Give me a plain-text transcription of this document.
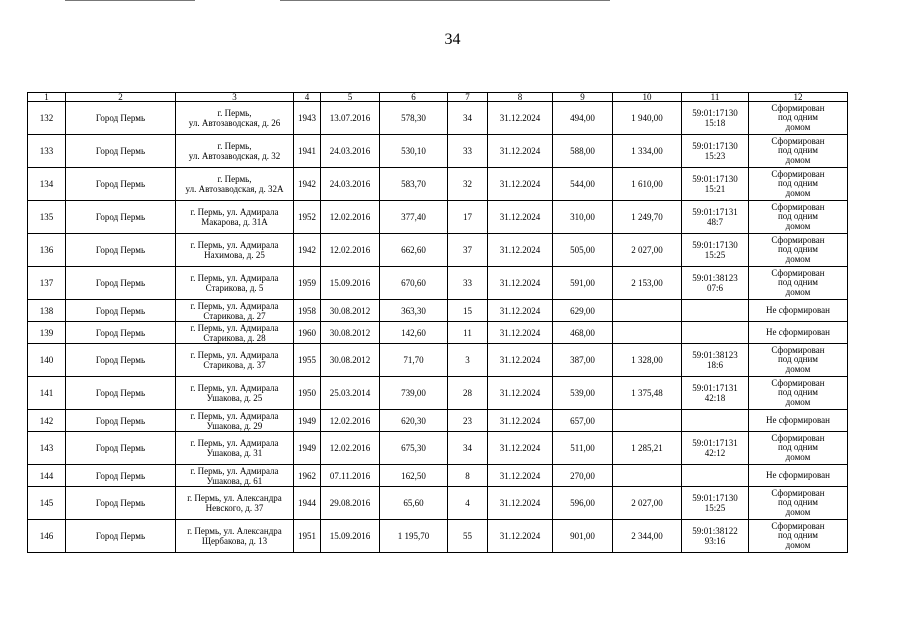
34
1	2	3	4	5	6	7	8	9	10	11	12
132	Город Пермь	г. Пермь,
ул. Автозаводская, д. 26	1943	13.07.2016	578,30	34	31.12.2024	494,00	1 940,00	59:01:17130
15:18	Сформирован
под одним
домом
133	Город Пермь	г. Пермь,
ул. Автозаводская, д. 32	1941	24.03.2016	530,10	33	31.12.2024	588,00	1 334,00	59:01:17130
15:23	Сформирован
под одним
домом
134	Город Пермь	г. Пермь,
ул. Автозаводская, д. 32А	1942	24.03.2016	583,70	32	31.12.2024	544,00	1 610,00	59:01:17130
15:21	Сформирован
под одним
домом
135	Город Пермь	г. Пермь, ул. Адмирала
Макарова, д. 31А	1952	12.02.2016	377,40	17	31.12.2024	310,00	1 249,70	59:01:17131
48:7	Сформирован
под одним
домом
136	Город Пермь	г. Пермь, ул. Адмирала
Нахимова, д. 25	1942	12.02.2016	662,60	37	31.12.2024	505,00	2 027,00	59:01:17130
15:25	Сформирован
под одним
домом
137	Город Пермь	г. Пермь, ул. Адмирала
Старикова, д. 5	1959	15.09.2016	670,60	33	31.12.2024	591,00	2 153,00	59:01:38123
07:6	Сформирован
под одним
домом
138	Город Пермь	г. Пермь, ул. Адмирала
Старикова, д. 27	1958	30.08.2012	363,30	15	31.12.2024	629,00			Не сформирован
139	Город Пермь	г. Пермь, ул. Адмирала
Старикова, д. 28	1960	30.08.2012	142,60	11	31.12.2024	468,00			Не сформирован
140	Город Пермь	г. Пермь, ул. Адмирала
Старикова, д. 37	1955	30.08.2012	71,70	3	31.12.2024	387,00	1 328,00	59:01:38123
18:6	Сформирован
под одним
домом
141	Город Пермь	г. Пермь, ул. Адмирала
Ушакова, д. 25	1950	25.03.2014	739,00	28	31.12.2024	539,00	1 375,48	59:01:17131
42:18	Сформирован
под одним
домом
142	Город Пермь	г. Пермь, ул. Адмирала
Ушакова, д. 29	1949	12.02.2016	620,30	23	31.12.2024	657,00			Не сформирован
143	Город Пермь	г. Пермь, ул. Адмирала
Ушакова, д. 31	1949	12.02.2016	675,30	34	31.12.2024	511,00	1 285,21	59:01:17131
42:12	Сформирован
под одним
домом
144	Город Пермь	г. Пермь, ул. Адмирала
Ушакова, д. 61	1962	07.11.2016	162,50	8	31.12.2024	270,00			Не сформирован
145	Город Пермь	г. Пермь, ул. Александра
Невского, д. 37	1944	29.08.2016	65,60	4	31.12.2024	596,00	2 027,00	59:01:17130
15:25	Сформирован
под одним
домом
146	Город Пермь	г. Пермь, ул. Александра
Щербакова, д. 13	1951	15.09.2016	1 195,70	55	31.12.2024	901,00	2 344,00	59:01:38122
93:16	Сформирован
под одним
домом
